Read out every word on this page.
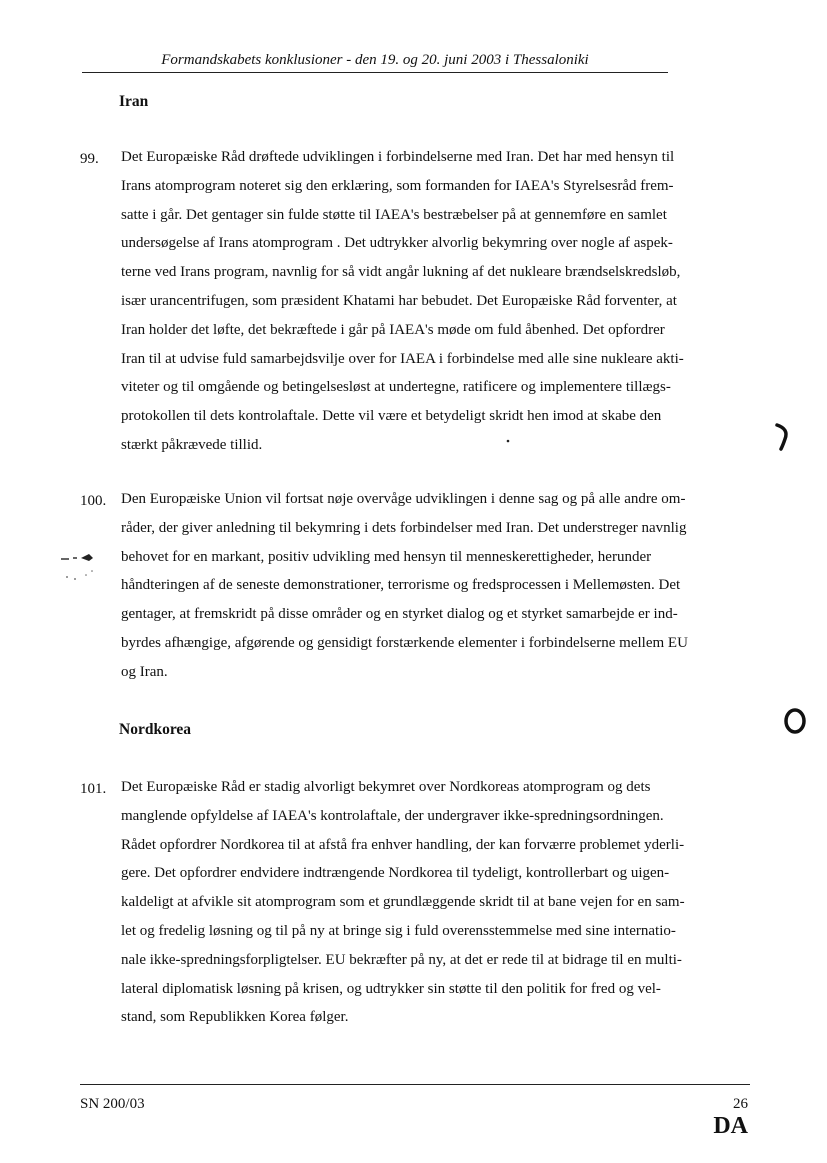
Formandskabets konklusioner - den 19. og 20. juni 2003 i Thessaloniki
Iran
99. Det Europæiske Råd drøftede udviklingen i forbindelserne med Iran. Det har med hensyn til
Irans atomprogram noteret sig den erklæring, som formanden for IAEA's Styrelsesråd frem-
satte i går. Det gentager sin fulde støtte til IAEA's bestræbelser på at gennemføre en samlet
undersøgelse af Irans atomprogram . Det udtrykker alvorlig bekymring over nogle af aspek-
terne ved Irans program, navnlig for så vidt angår lukning af det nukleare brændselskredsløb,
især urancentrifugen, som præsident Khatami har bebudet. Det Europæiske Råd forventer, at
Iran holder det løfte, det bekræftede i går på IAEA's møde om fuld åbenhed. Det opfordrer
Iran til at udvise fuld samarbejdsvilje over for IAEA i forbindelse med alle sine nukleare akti-
viteter og til omgående og betingelsesløst at undertegne, ratificere og implementere tillægs-
protokollen til dets kontrolaftale. Dette vil være et betydeligt skridt hen imod at skabe den
stærkt påkrævede tillid.
100. Den Europæiske Union vil fortsat nøje overvåge udviklingen i denne sag og på alle andre om-
råder, der giver anledning til bekymring i dets forbindelser med Iran. Det understreger navnlig
behovet for en markant, positiv udvikling med hensyn til menneskerettigheder, herunder
håndteringen af de seneste demonstrationer, terrorisme og fredsprocessen i Mellemøsten. Det
gentager, at fremskridt på disse områder og en styrket dialog og et styrket samarbejde er ind-
byrdes afhængige, afgørende og gensidigt forstærkende elementer i forbindelserne mellem EU
og Iran.
Nordkorea
101. Det Europæiske Råd er stadig alvorligt bekymret over Nordkoreas atomprogram og dets
manglende opfyldelse af IAEA's kontrolaftale, der undergraver ikke-spredningsordningen.
Rådet opfordrer Nordkorea til at afstå fra enhver handling, der kan forværre problemet yderli-
gere. Det opfordrer endvidere indtrængende Nordkorea til tydeligt, kontrollerbart og uigen-
kaldeligt at afvikle sit atomprogram som et grundlæggende skridt til at bane vejen for en sam-
let og fredelig løsning og til på ny at bringe sig i fuld overensstemmelse med sine internatio-
nale ikke-spredningsforpligtelser. EU bekræfter på ny, at det er rede til at bidrage til en multi-
lateral diplomatisk løsning på krisen, og udtrykker sin støtte til den politik for fred og vel-
stand, som Republikken Korea følger.
SN 200/03	26
DA
